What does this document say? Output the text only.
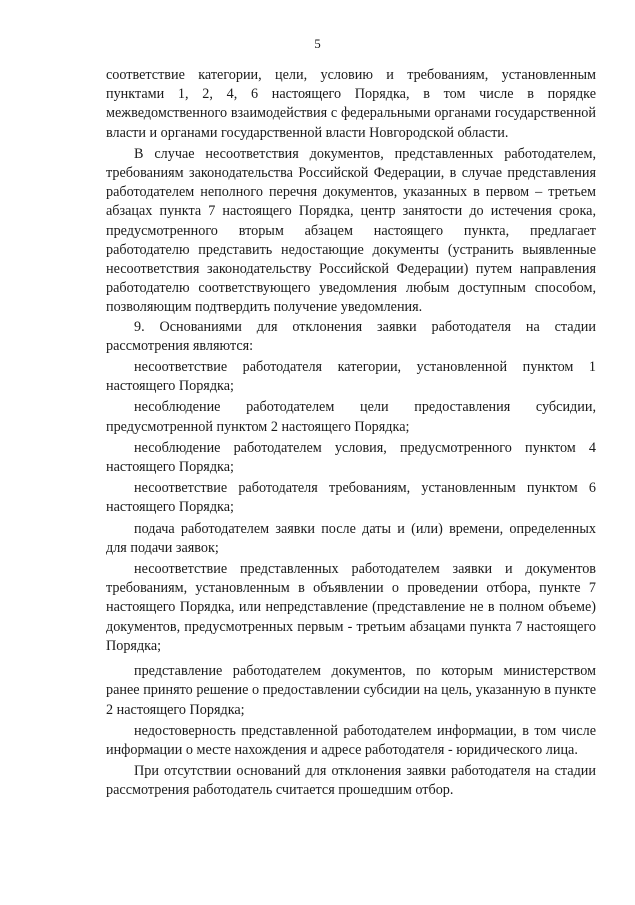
5

соответствие категории, цели, условию и требованиям, установленным пунктами 1, 2, 4, 6 настоящего Порядка, в том числе в порядке межведомственного взаимодействия с федеральными органами государственной власти и органами государственной власти Новгородской области.

В случае несоответствия документов, представленных работодателем, требованиям законодательства Российской Федерации, в случае представления работодателем неполного перечня документов, указанных в первом – третьем абзацах пункта 7 настоящего Порядка, центр занятости до истечения срока, предусмотренного вторым абзацем настоящего пункта, предлагает работодателю представить недостающие документы (устранить выявленные несоответствия законодательству Российской Федерации) путем направления работодателю соответствующего уведомления любым доступным способом, позволяющим подтвердить получение уведомления.

9. Основаниями для отклонения заявки работодателя на стадии рассмотрения являются:

несоответствие работодателя категории, установленной пунктом 1 настоящего Порядка;

несоблюдение работодателем цели предоставления субсидии, предусмотренной пунктом 2 настоящего Порядка;

несоблюдение работодателем условия, предусмотренного пунктом 4 настоящего Порядка;

несоответствие работодателя требованиям, установленным пунктом 6 настоящего Порядка;

подача работодателем заявки после даты и (или) времени, определенных для подачи заявок;

несоответствие представленных работодателем заявки и документов требованиям, установленным в объявлении о проведении отбора, пункте 7 настоящего Порядка, или непредставление (представление не в полном объеме) документов, предусмотренных первым - третьим абзацами пункта 7 настоящего Порядка;

представление работодателем документов, по которым министерством ранее принято решение о предоставлении субсидии на цель, указанную в пункте 2 настоящего Порядка;

недостоверность представленной работодателем информации, в том числе информации о месте нахождения и адресе работодателя - юридического лица.

При отсутствии оснований для отклонения заявки работодателя на стадии рассмотрения работодатель считается прошедшим отбор.
